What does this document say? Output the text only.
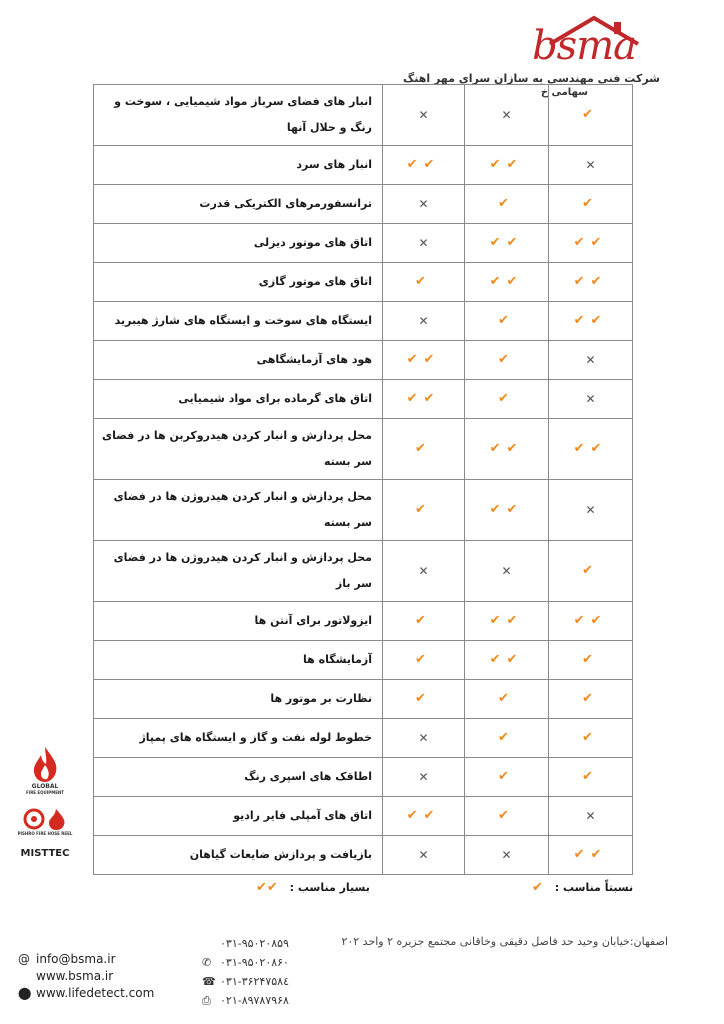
bsma
شرکت فنی مهندسی به سازان سرای مهر اهنگ
سهامی خ
انبار های فضای سرباز مواد شیمیایی ، سوخت و رنگ و حلال آنها	✕	✕	✔
انبار های سرد	✔✔	✔✔	✕
ترانسفورمرهای الکتریکی قدرت	✕	✔	✔
اتاق های موتور دیزلی	✕	✔✔	✔✔
اتاق های موتور گازی	✔	✔✔	✔✔
ایستگاه های سوخت و ایستگاه های شارژ هیبرید	✕	✔	✔✔
هود های آزمایشگاهی	✔✔	✔	✕
اتاق های گرماده برای مواد شیمیایی	✔✔	✔	✕
محل پردازش و انبار کردن هیدروکربن ها در فضای سر بسته	✔	✔✔	✔✔
محل پردازش و انبار کردن هیدروژن ها در فضای سر بسته	✔	✔✔	✕
محل پردازش و انبار کردن هیدروژن ها در فضای سر باز	✕	✕	✔
ایزولاتور برای آنتن ها	✔	✔✔	✔✔
آزمایشگاه ها	✔	✔✔	✔
نظارت بر موتور ها	✔	✔	✔
خطوط لوله نفت و گاز و ایستگاه های پمپاژ	✕	✔	✔
اطاقک های اسپری رنگ	✕	✔	✔
اتاق های آمپلی فایر رادیو	✔✔	✔	✕
بازیافت و پردازش ضایعات گیاهان	✕	✕	✔✔
بسیار مناسب : ✔✔	نسبتاً مناسب : ✔
GLOBAL
FIRE EQUIPMENT
PISHRO FIRE HOSE REEL
MISTTEC
اصفهان:خیابان وحید حد فاصل دقیقی وخاقانی مجتمع جزیره ۲ واحد ۲۰۲
۰۳۱-۹۵۰۲۰۸۵۹
✆ ۰۳۱-۹۵۰۲۰۸۶۰
☎ ۰۳۱-۳۶۲۴۷۵۸٤
⎙ ۰۲۱-۸۹۷۸۷۹۶۸
@ info@bsma.ir
www.bsma.ir
⬤ www.lifedetect.com
